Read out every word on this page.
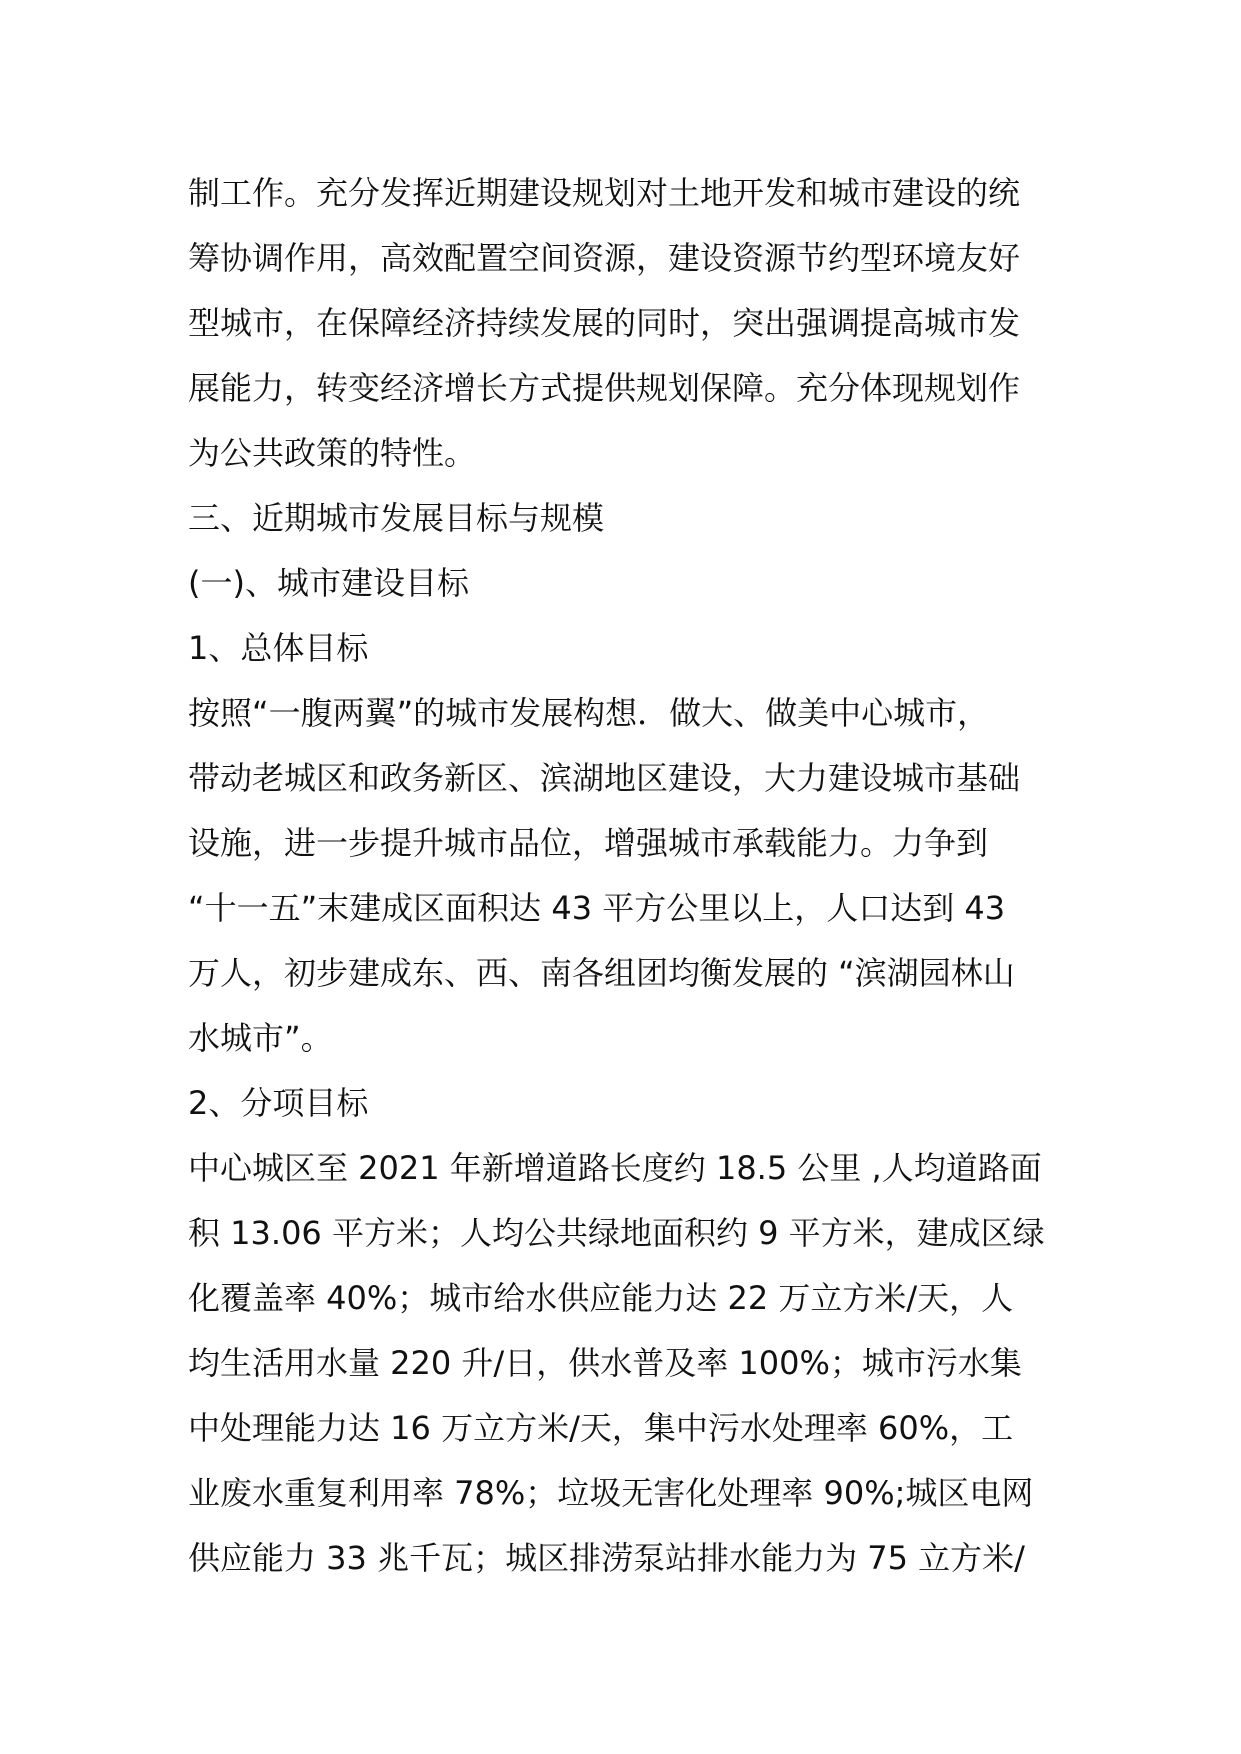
制工作。充分发挥近期建设规划对土地开发和城市建设的统
筹协调作用，高效配置空间资源，建设资源节约型环境友好
型城市，在保障经济持续发展的同时，突出强调提高城市发
展能力，转变经济增长方式提供规划保障。充分体现规划作
为公共政策的特性。
三、近期城市发展目标与规模
(一)、城市建设目标
1、总体目标
按照“一腹两翼”的城市发展构想．做大、做美中心城市，
带动老城区和政务新区、滨湖地区建设，大力建设城市基础
设施，进一步提升城市品位，增强城市承载能力。力争到
“十一五”末建成区面积达 43 平方公里以上，人口达到 43
万人，初步建成东、西、南各组团均衡发展的 “滨湖园林山
水城市”。
2、分项目标
中心城区至 2021 年新增道路长度约 18.5 公里 ,人均道路面
积 13.06 平方米；人均公共绿地面积约 9 平方米，建成区绿
化覆盖率 40%；城市给水供应能力达 22 万立方米/天，人
均生活用水量 220 升/日，供水普及率 100%；城市污水集
中处理能力达 16 万立方米/天，集中污水处理率 60%，工
业废水重复利用率 78%；垃圾无害化处理率 90%;城区电网
供应能力 33 兆千瓦；城区排涝泵站排水能力为 75 立方米/
